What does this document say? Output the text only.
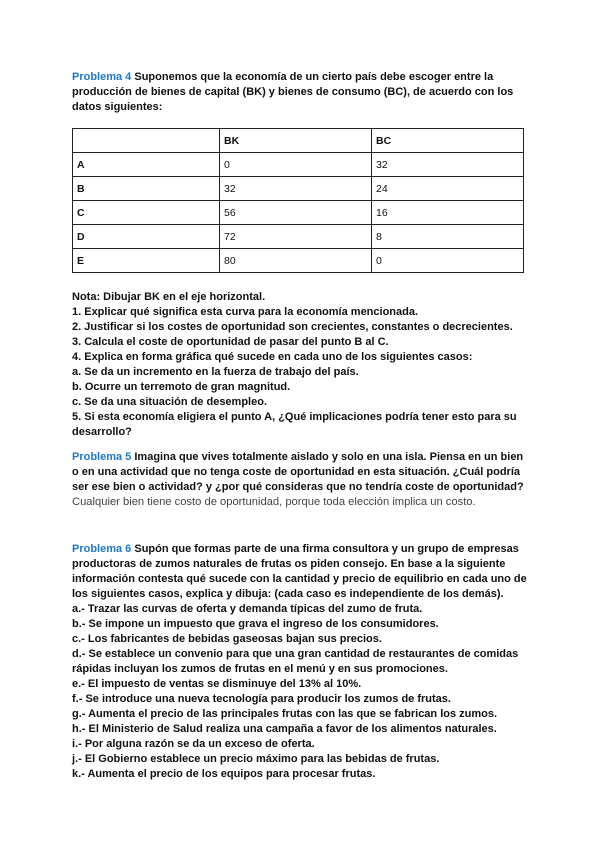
Problema 4 Suponemos que la economía de un cierto país debe escoger entre la producción de bienes de capital (BK) y bienes de consumo (BC), de acuerdo con los datos siguientes:
	BK	BC
A	0	32
B	32	24
C	56	16
D	72	8
E	80	0
Nota: Dibujar BK en el eje horizontal.
1. Explicar qué significa esta curva para la economía mencionada.
2. Justificar si los costes de oportunidad son crecientes, constantes o decrecientes.
3. Calcula el coste de oportunidad de pasar del punto B al C.
4. Explica en forma gráfica qué sucede en cada uno de los siguientes casos:
a. Se da un incremento en la fuerza de trabajo del país.
b. Ocurre un terremoto de gran magnitud.
c. Se da una situación de desempleo.
5. Si esta economía eligiera el punto A, ¿Qué implicaciones podría tener esto para su desarrollo?
Problema 5 Imagina que vives totalmente aislado y solo en una isla. Piensa en un bien o en una actividad que no tenga coste de oportunidad en esta situación. ¿Cuál podría ser ese bien o actividad? y ¿por qué consideras que no tendría coste de oportunidad?
Cualquier bien tiene costo de oportunidad, porque toda elección implica un costo.
Problema 6 Supón que formas parte de una firma consultora y un grupo de empresas productoras de zumos naturales de frutas os piden consejo. En base a la siguiente información contesta qué sucede con la cantidad y precio de equilibrio en cada uno de los siguientes casos, explica y dibuja: (cada caso es independiente de los demás).
a.- Trazar las curvas de oferta y demanda típicas del zumo de fruta.
b.- Se impone un impuesto que grava el ingreso de los consumidores.
c.- Los fabricantes de bebidas gaseosas bajan sus precios.
d.- Se establece un convenio para que una gran cantidad de restaurantes de comidas rápidas incluyan los zumos de frutas en el menú y en sus promociones.
e.- El impuesto de ventas se disminuye del 13% al 10%.
f.- Se introduce una nueva tecnología para producir los zumos de frutas.
g.- Aumenta el precio de las principales frutas con las que se fabrican los zumos.
h.- El Ministerio de Salud realiza una campaña a favor de los alimentos naturales.
i.- Por alguna razón se da un exceso de oferta.
j.- El Gobierno establece un precio máximo para las bebidas de frutas.
k.- Aumenta el precio de los equipos para procesar frutas.
